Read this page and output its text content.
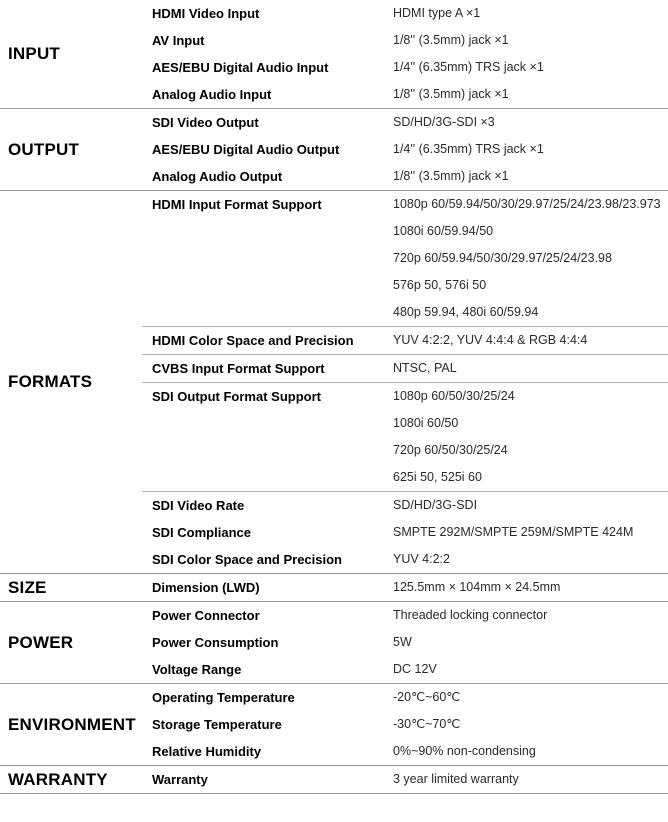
INPUT
HDMI Video Input	HDMI type A ×1
AV Input	1/8'' (3.5mm) jack ×1
AES/EBU Digital Audio Input	1/4'' (6.35mm) TRS jack ×1
Analog Audio Input	1/8'' (3.5mm) jack ×1
OUTPUT
SDI Video Output	SD/HD/3G-SDI ×3
AES/EBU Digital Audio Output	1/4'' (6.35mm) TRS jack ×1
Analog Audio Output	1/8'' (3.5mm) jack ×1
FORMATS
HDMI Input Format Support	1080p 60/59.94/50/30/29.97/25/24/23.98/23.973
1080i 60/59.94/50
720p 60/59.94/50/30/29.97/25/24/23.98
576p 50, 576i 50
480p 59.94, 480i 60/59.94
HDMI Color Space and Precision	YUV 4:2:2, YUV 4:4:4 & RGB 4:4:4
CVBS Input Format Support	NTSC, PAL
SDI Output Format Support	1080p 60/50/30/25/24
1080i 60/50
720p 60/50/30/25/24
625i 50, 525i 60
SDI Video Rate	SD/HD/3G-SDI
SDI Compliance	SMPTE 292M/SMPTE 259M/SMPTE 424M
SDI Color Space and Precision	YUV 4:2:2
SIZE	Dimension (LWD)	125.5mm × 104mm × 24.5mm
POWER
Power Connector	Threaded locking connector
Power Consumption	5W
Voltage Range	DC 12V
ENVIRONMENT
Operating Temperature	-20℃~60℃
Storage Temperature	-30℃~70℃
Relative Humidity	0%~90% non-condensing
WARRANTY	Warranty	3 year limited warranty
